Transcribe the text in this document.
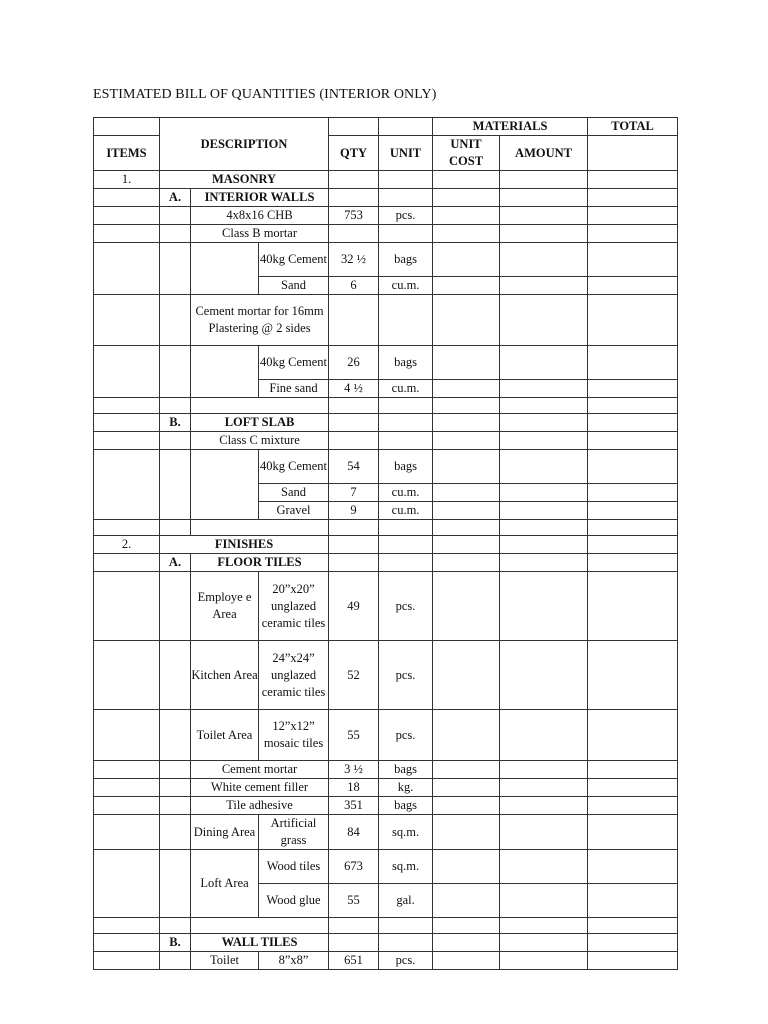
ESTIMATED BILL OF QUANTITIES (INTERIOR ONLY)
	DESCRIPTION					MATERIALS		TOTAL
ITEMS				QTY	UNIT	UNIT COST	AMOUNT	
1.	MASONRY							
	A.	INTERIOR WALLS						
		4x8x16 CHB		753	pcs.			
		Class B mortar						
			40kg Cement	32 ½	bags			
			Sand	6	cu.m.			
		Cement mortar for 16mm Plastering @ 2 sides						
			40kg Cement	26	bags			
			Fine sand	4 ½	cu.m.			

	B.	LOFT SLAB						
		Class C mixture						
			40kg Cement	54	bags			
			Sand	7	cu.m.			
			Gravel	9	cu.m.			

2.	FINISHES							
	A.	FLOOR TILES						
		Employe e Area	20”x20” unglazed ceramic tiles	49	pcs.			
		Kitchen Area	24”x24” unglazed ceramic tiles	52	pcs.			
		Toilet Area	12”x12” mosaic tiles	55	pcs.			
		Cement mortar		3 ½	bags			
		White cement filler		18	kg.			
		Tile adhesive		351	bags			
		Dining Area	Artificial grass	84	sq.m.			
		Loft Area	Wood tiles	673	sq.m.			
			Wood glue	55	gal.			

	B.	WALL TILES						
		Toilet	8”x8”	651	pcs.			
